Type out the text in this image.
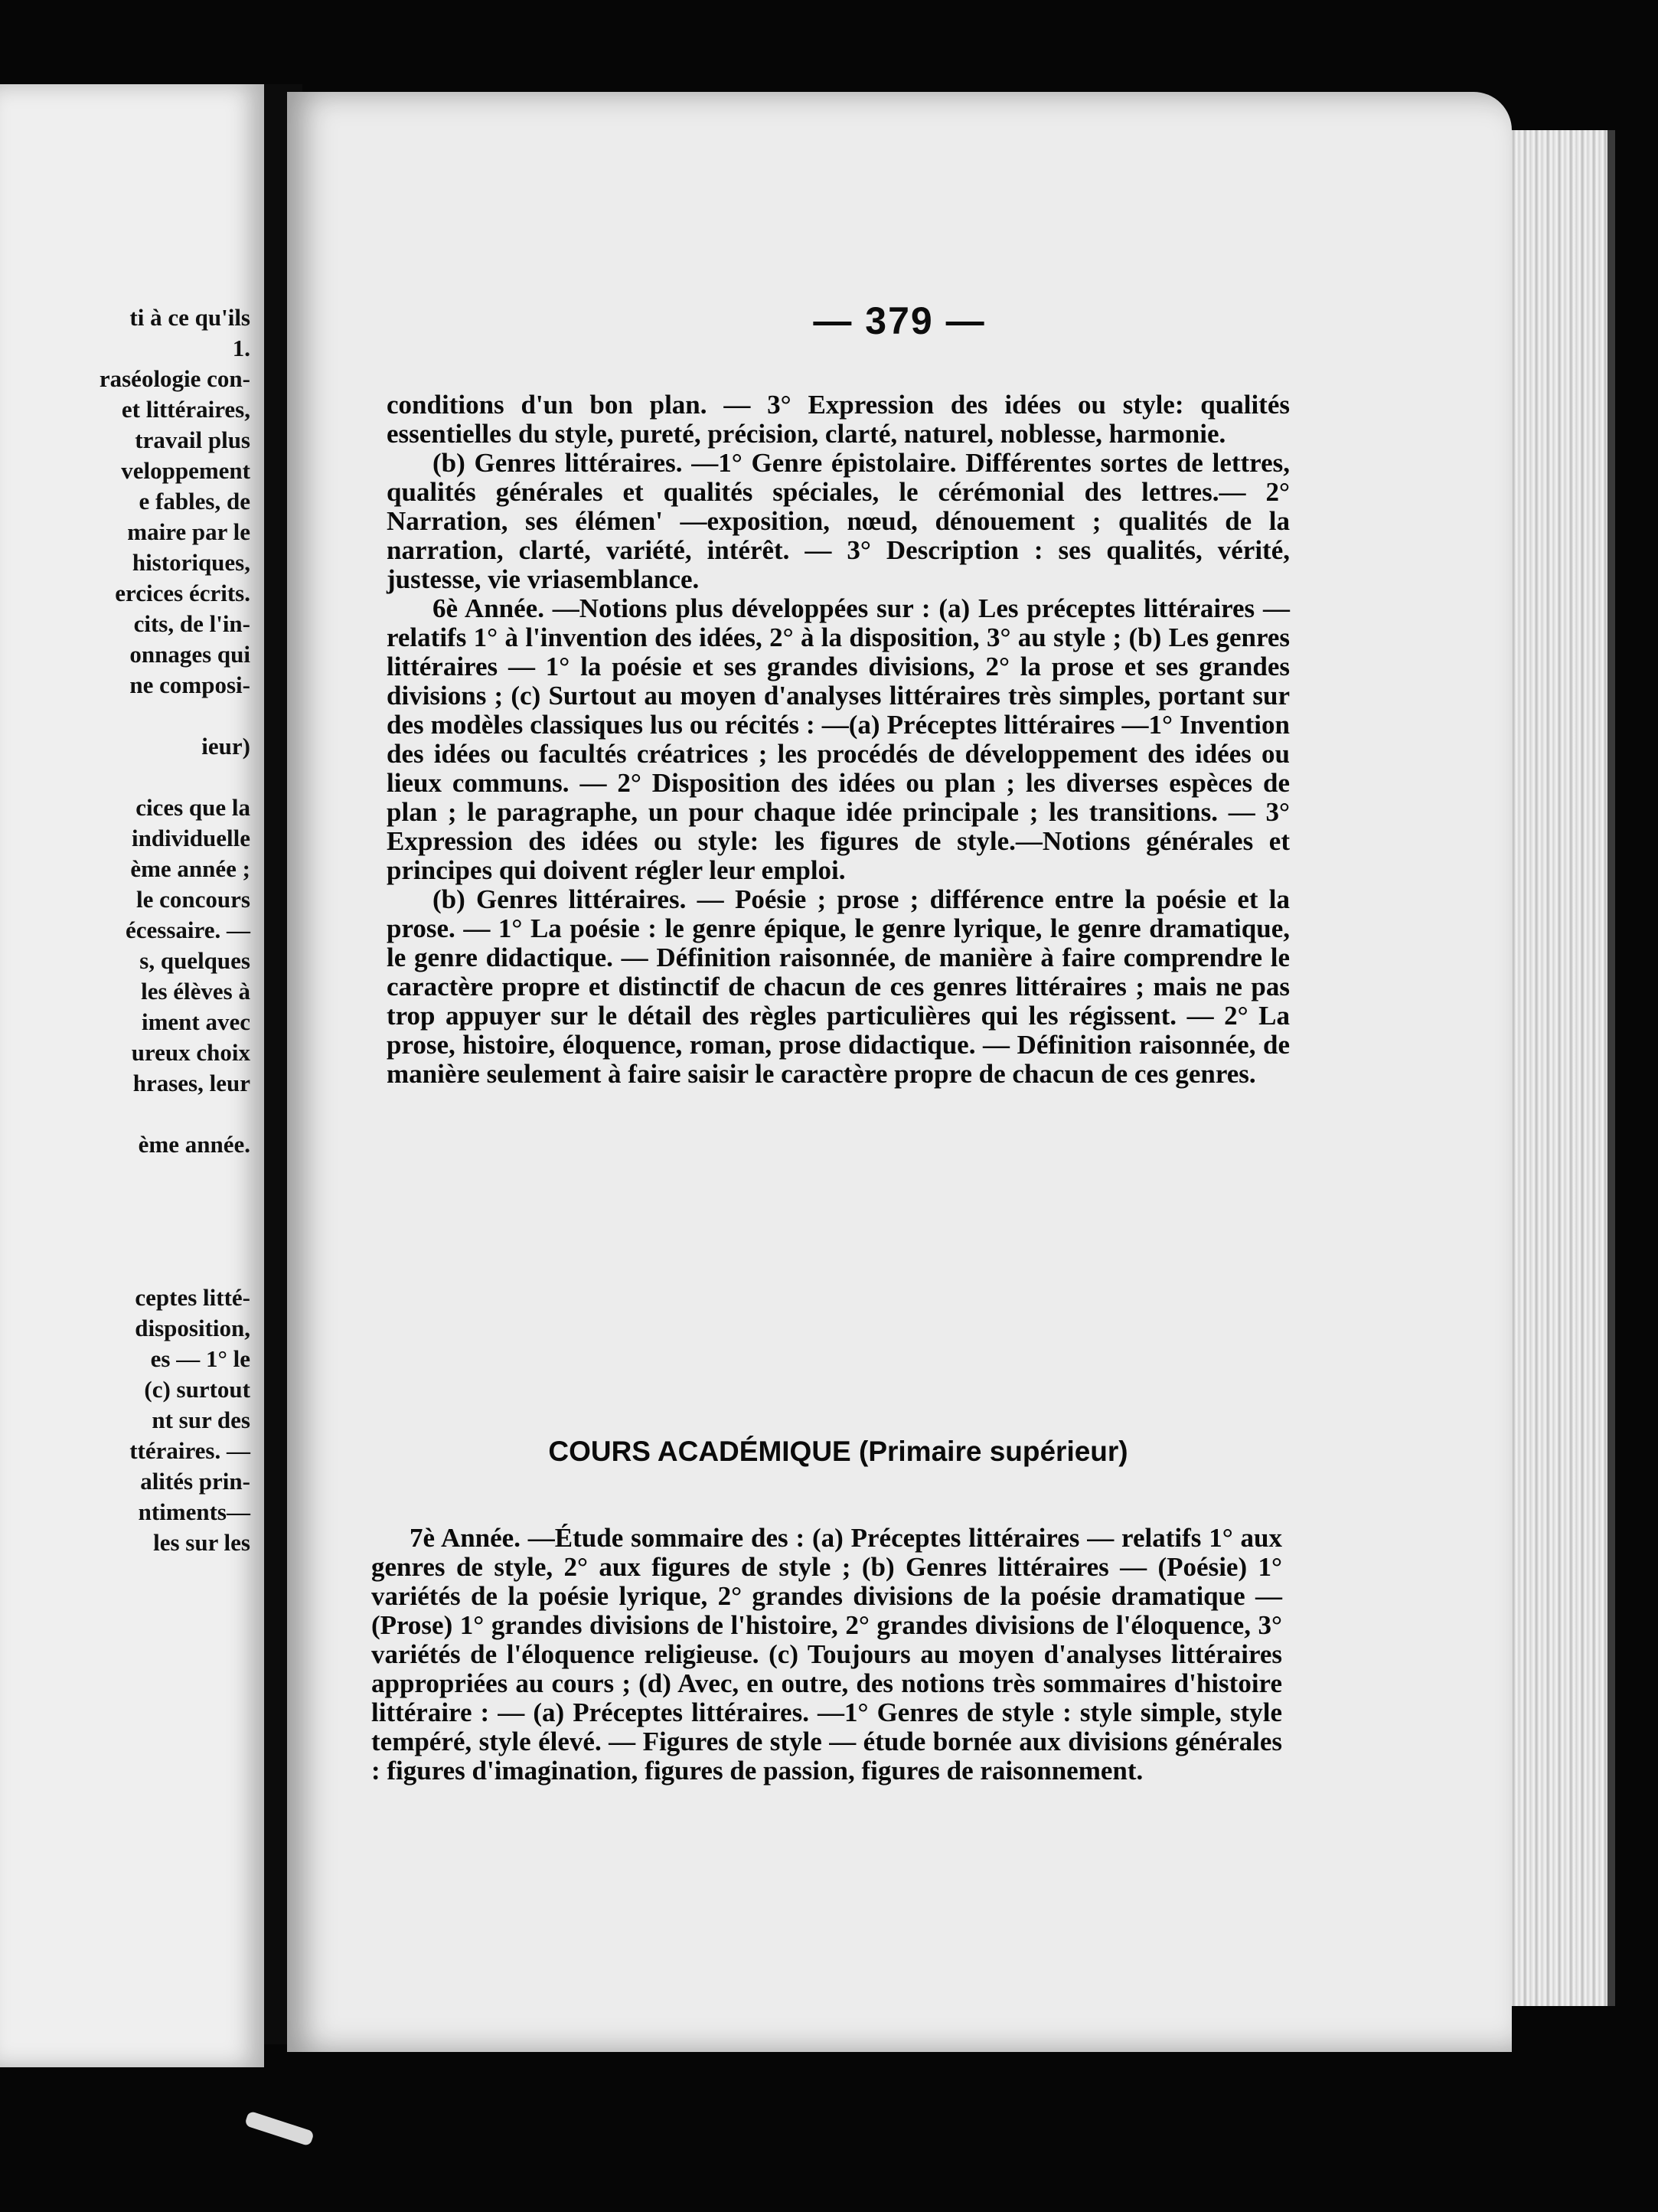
ti à ce qu'ils
1.
raséologie con-
et littéraires,
travail plus
veloppement
e fables, de
maire par le
historiques,
ercices écrits.
cits, de l'in-
onnages qui
ne composi-
ieur)
cices que la
individuelle
ème année ;
le concours
écessaire. —
s, quelques
les élèves à
iment avec
ureux choix
hrases, leur
ème année.
ceptes litté-
disposition,
es — 1° le
(c) surtout
nt sur des
ttéraires. —
alités prin-
ntiments—
les sur les
— 379 —

conditions d'un bon plan. — 3° Expression des idées ou style: qualités essentielles du style, pureté, précision, clarté, naturel, noblesse, harmonie.

(b) Genres littéraires. —1° Genre épistolaire. Différentes sortes de lettres, qualités générales et qualités spéciales, le cérémonial des lettres.— 2° Narration, ses élémen' —exposition, nœud, dénouement ; qualités de la narration, clarté, variété, intérêt. — 3° Description : ses qualités, vérité, justesse, vie vriasemblance.

6è Année. —Notions plus développées sur : (a) Les préceptes littéraires — relatifs 1° à l'invention des idées, 2° à la disposition, 3° au style ; (b) Les genres littéraires — 1° la poésie et ses grandes divisions, 2° la prose et ses grandes divisions ; (c) Surtout au moyen d'analyses littéraires très simples, portant sur des modèles classiques lus ou récités : —(a) Préceptes littéraires —1° Invention des idées ou facultés créatrices ; les procédés de développement des idées ou lieux communs. — 2° Disposition des idées ou plan ; les diverses espèces de plan ; le paragraphe, un pour chaque idée principale ; les transitions. — 3° Expression des idées ou style: les figures de style.—Notions générales et principes qui doivent régler leur emploi.

(b) Genres littéraires. — Poésie ; prose ; différence entre la poésie et la prose. — 1° La poésie : le genre épique, le genre lyrique, le genre dramatique, le genre didactique. — Définition raisonnée, de manière à faire comprendre le caractère propre et distinctif de chacun de ces genres littéraires ; mais ne pas trop appuyer sur le détail des règles particulières qui les régissent. — 2° La prose, histoire, éloquence, roman, prose didactique. — Définition raisonnée, de manière seulement à faire saisir le caractère propre de chacun de ces genres.

COURS ACADÉMIQUE (Primaire supérieur)

7è Année. —Étude sommaire des : (a) Préceptes littéraires — relatifs 1° aux genres de style, 2° aux figures de style ; (b) Genres littéraires — (Poésie) 1° variétés de la poésie lyrique, 2° grandes divisions de la poésie dramatique — (Prose) 1° grandes divisions de l'histoire, 2° grandes divisions de l'éloquence, 3° variétés de l'éloquence religieuse. (c) Toujours au moyen d'analyses littéraires appropriées au cours ; (d) Avec, en outre, des notions très sommaires d'histoire littéraire : — (a) Préceptes littéraires. —1° Genres de style : style simple, style tempéré, style élevé. — Figures de style — étude bornée aux divisions générales : figures d'imagination, figures de passion, figures de raisonnement.
